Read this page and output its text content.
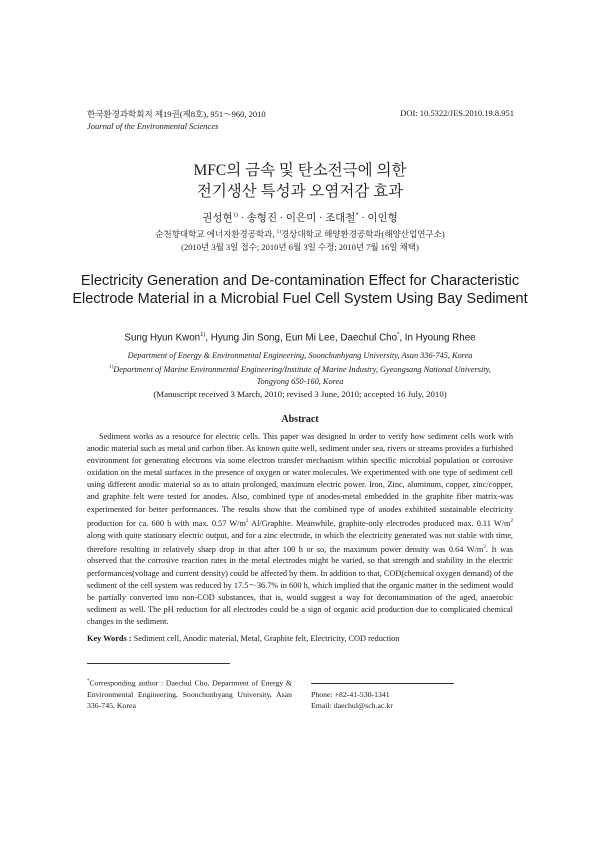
한국환경과학회지 제19권(제8호), 951～960, 2010
Journal of the Environmental Sciences
DOI: 10.5322/JES.2010.19.8.951
MFC의 금속 및 탄소전극에 의한
전기생산 특성과 오염저감 효과
권성현$^{1)}$ · 송형진 · 이은미 · 조대철* · 이인형
순천향대학교 에너지환경공학과, $^{1)}$경상대학교 해양환경공학과(해양산업연구소)
(2010년 3월 3일 접수; 2010년 6월 3일 수정; 2010년 7월 16일 채택)
Electricity Generation and De-contamination Effect for Characteristic Electrode Material in a Microbial Fuel Cell System Using Bay Sediment
Sung Hyun Kwon$^{1)}$, Hyung Jin Song, Eun Mi Lee, Daechul Cho*, In Hyoung Rhee
Department of Energy & Environmental Engineering, Soonchunhyang University, Asan 336-745, Korea
$^{1)}$Department of Marine Environmental Engineering/Institute of Marine Industry, Gyeongsang National University,
Tongyong 650-160, Korea
(Manuscript received 3 March, 2010; revised 3 June, 2010; accepted 16 July, 2010)
Abstract
Sediment works as a resource for electric cells. This paper was designed in order to verify how sediment cells work with anodic material such as metal and carbon fiber. As known quite well, sediment under sea, rivers or streams provides a furbished environment for generating electrons via some electron transfer mechanism within specific microbial population or corrosive oxidation on the metal surfaces in the presence of oxygen or water molecules. We experimented with one type of sediment cell using different anodic material so as to attain prolonged, maximum electric power. Iron, Zinc, aluminum, copper, zinc/copper, and graphite felt were tested for anodes. Also, combined type of anodes-metal embedded in the graphite fiber matrix-was experimented for better performances. The results show that the combined type of anodes exhibited sustainable electricity production for ca. 600 h with max. 0.57 $W/m^2$ Al/Graphite. Meanwhile, graphite-only electrodes produced max. 0.11 $W/m^2$ along with quite stationary electric output, and for a zinc electrode, in which the electricity generated was not stable with time, therefore resulting in relatively sharp drop in that after 100 h or so, the maximum power density was 0.64 $W/m^2$. It was observed that the corrosive reaction rates in the metal electrodes might be varied, so that strength and stability in the electric performances(voltage and current density) could be affected by them. In addition to that, COD(chemical oxygen demand) of the sediment of the cell system was reduced by 17.5～36.7% in 600 h, which implied that the organic matter in the sediment would be partially converted into non-COD substances, that is, would suggest a way for decontamination of the aged, anaerobic sediment as well. The pH reduction for all electrodes could be a sign of organic acid production due to complicated chemical changes in the sediment.
Key Words : Sediment cell, Anodic material, Metal, Graphite felt, Electricity, COD reduction
*Corresponding author : Daechul Cho, Department of Energy & Environmental Engineering, Soonchunhyang University, Asan 336-745, Korea
Phone: +82-41-530-1341
Email: daechul@sch.ac.kr
